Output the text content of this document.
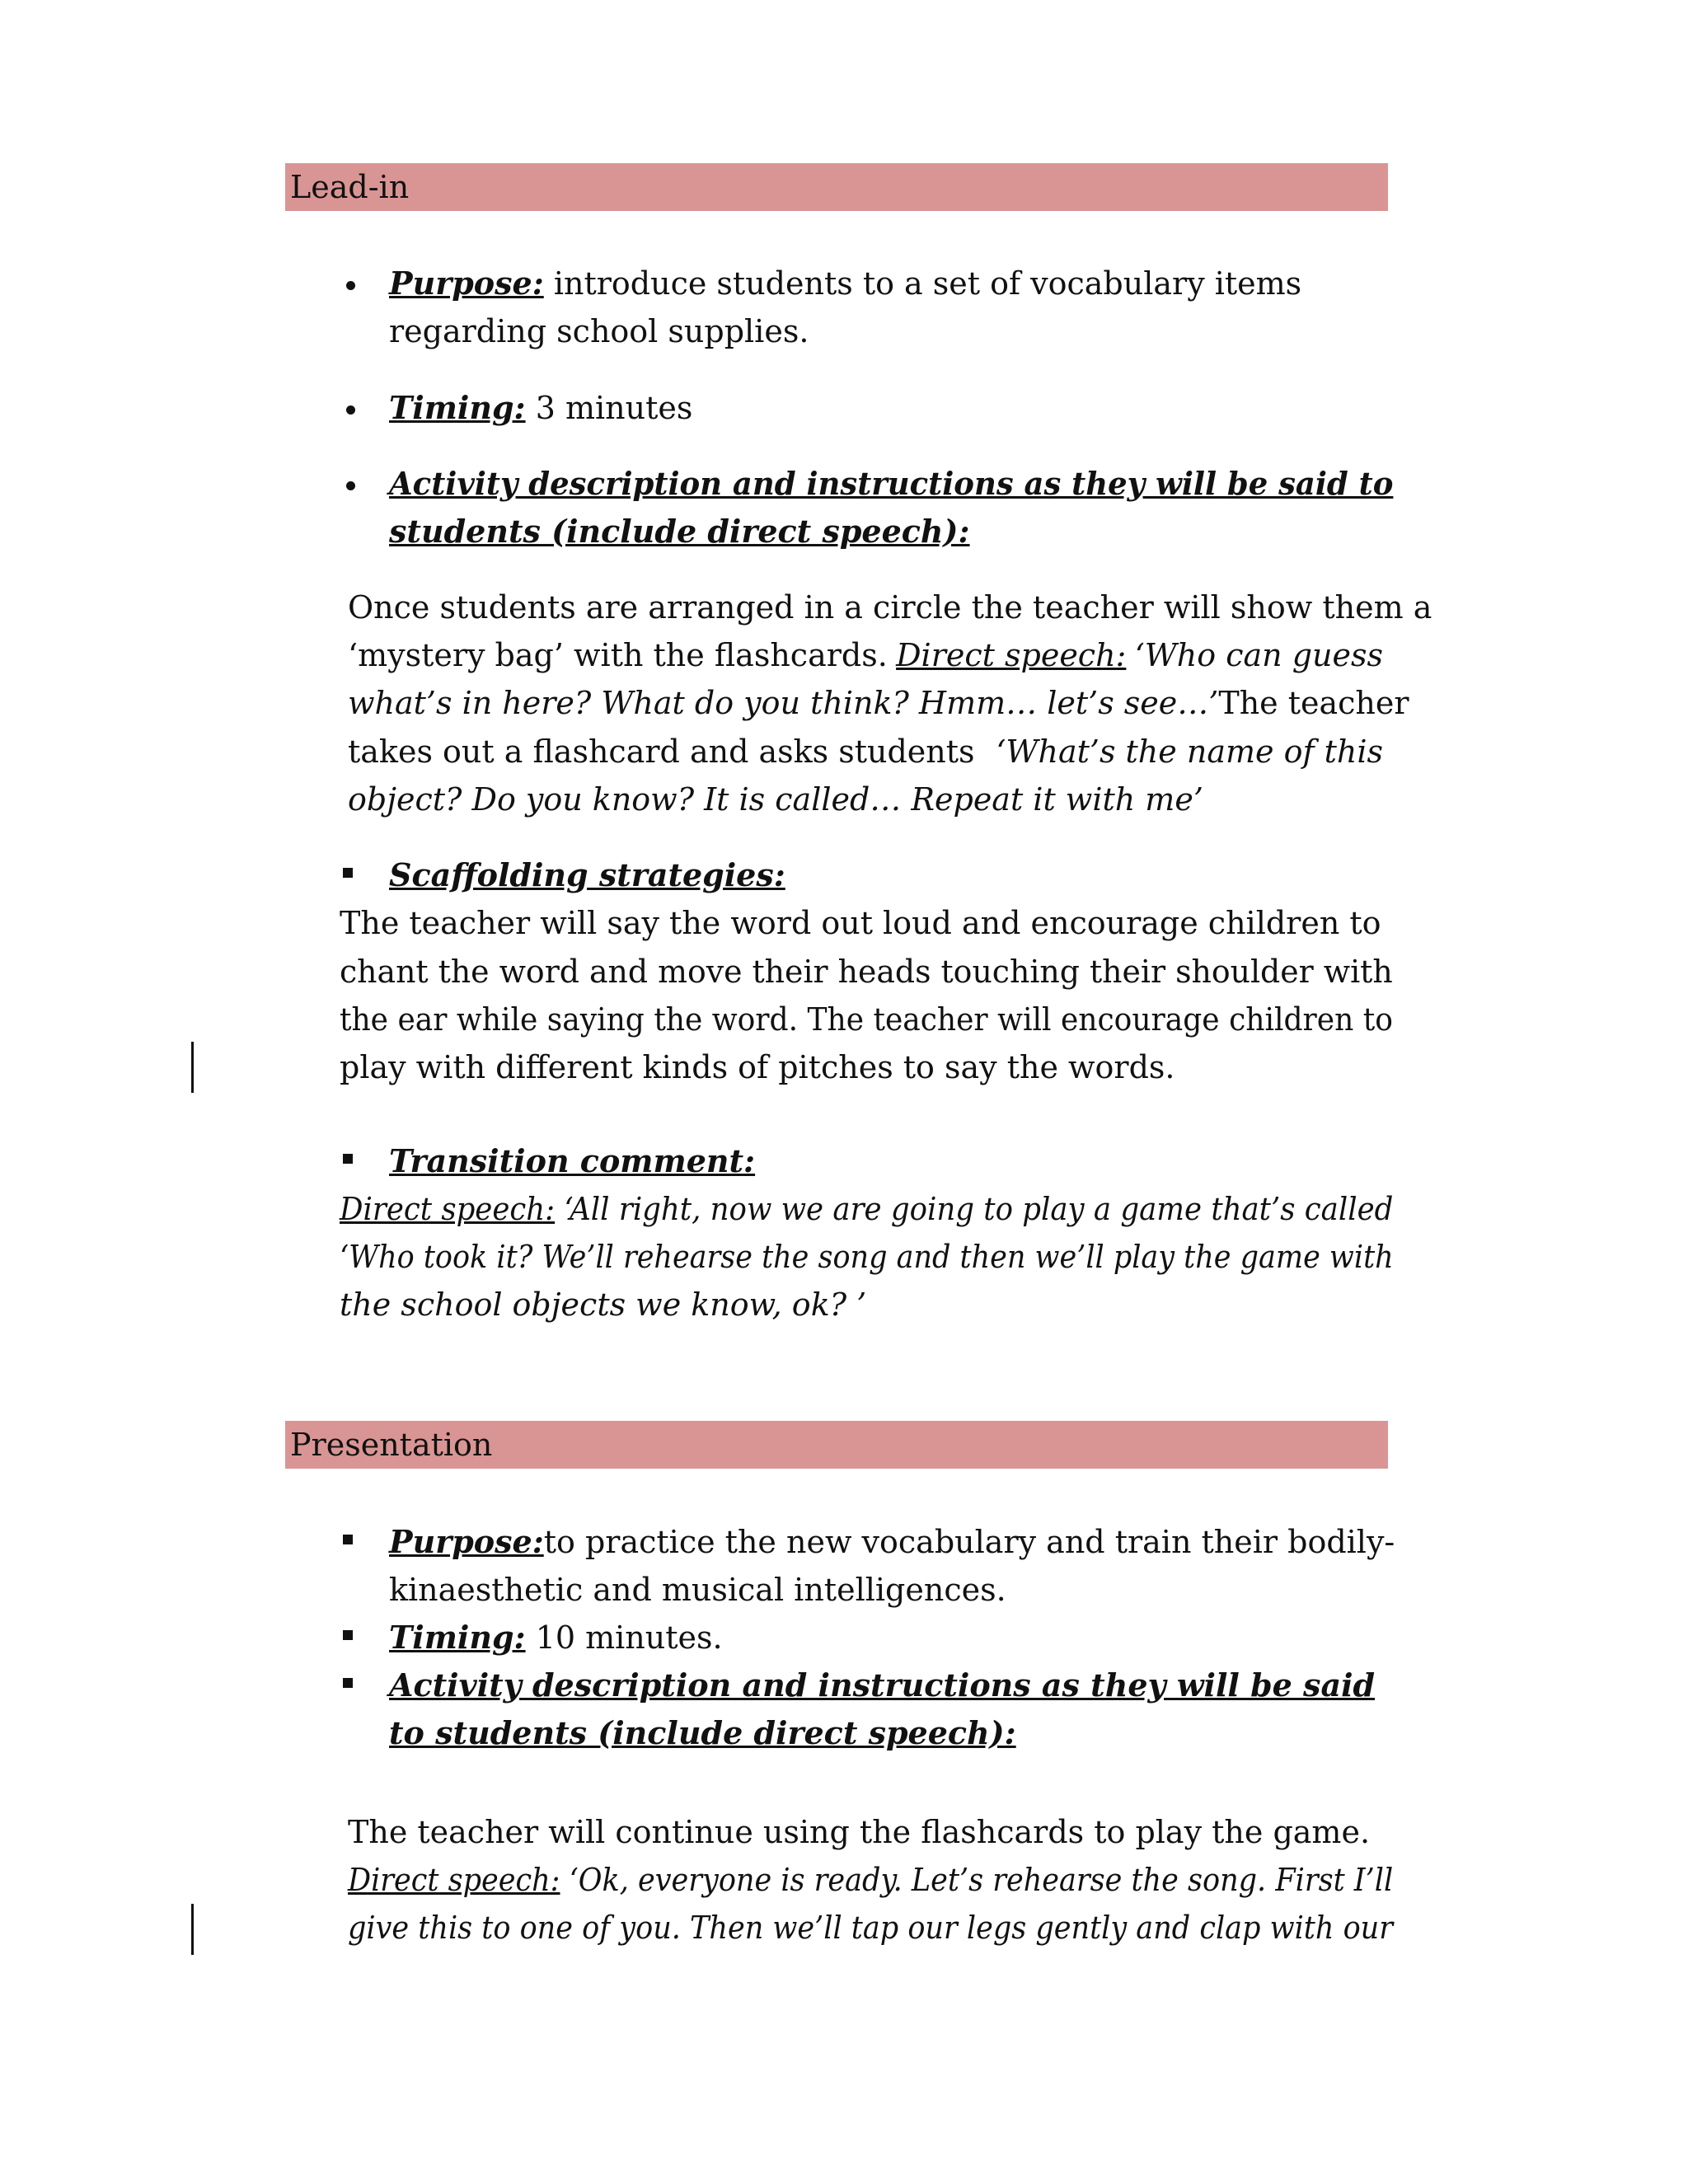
Lead-in
Purpose: introduce students to a set of vocabulary items
regarding school supplies.
Timing: 3 minutes
Activity description and instructions as they will be said to
students (include direct speech):
Once students are arranged in a circle the teacher will show them a
‘mystery bag’ with the flashcards. Direct speech: ‘Who can guess
what’s in here? What do you think? Hmm… let’s see…’ The teacher
takes out a flashcard and asks students ‘What’s the name of this
object? Do you know? It is called… Repeat it with me’
Scaffolding strategies:
The teacher will say the word out loud and encourage children to
chant the word and move their heads touching their shoulder with
the ear while saying the word. The teacher will encourage children to
play with different kinds of pitches to say the words.
Transition comment:
Direct speech: ‘All right, now we are going to play a game that’s called
‘Who took it? We’ll rehearse the song and then we’ll play the game with
the school objects we know, ok? ’
Presentation
Purpose: to practice the new vocabulary and train their bodily-
kinaesthetic and musical intelligences.
Timing: 10 minutes.
Activity description and instructions as they will be said
to students (include direct speech):
The teacher will continue using the flashcards to play the game.
Direct speech: ‘Ok, everyone is ready. Let’s rehearse the song. First I’ll
give this to one of you. Then we’ll tap our legs gently and clap with our
